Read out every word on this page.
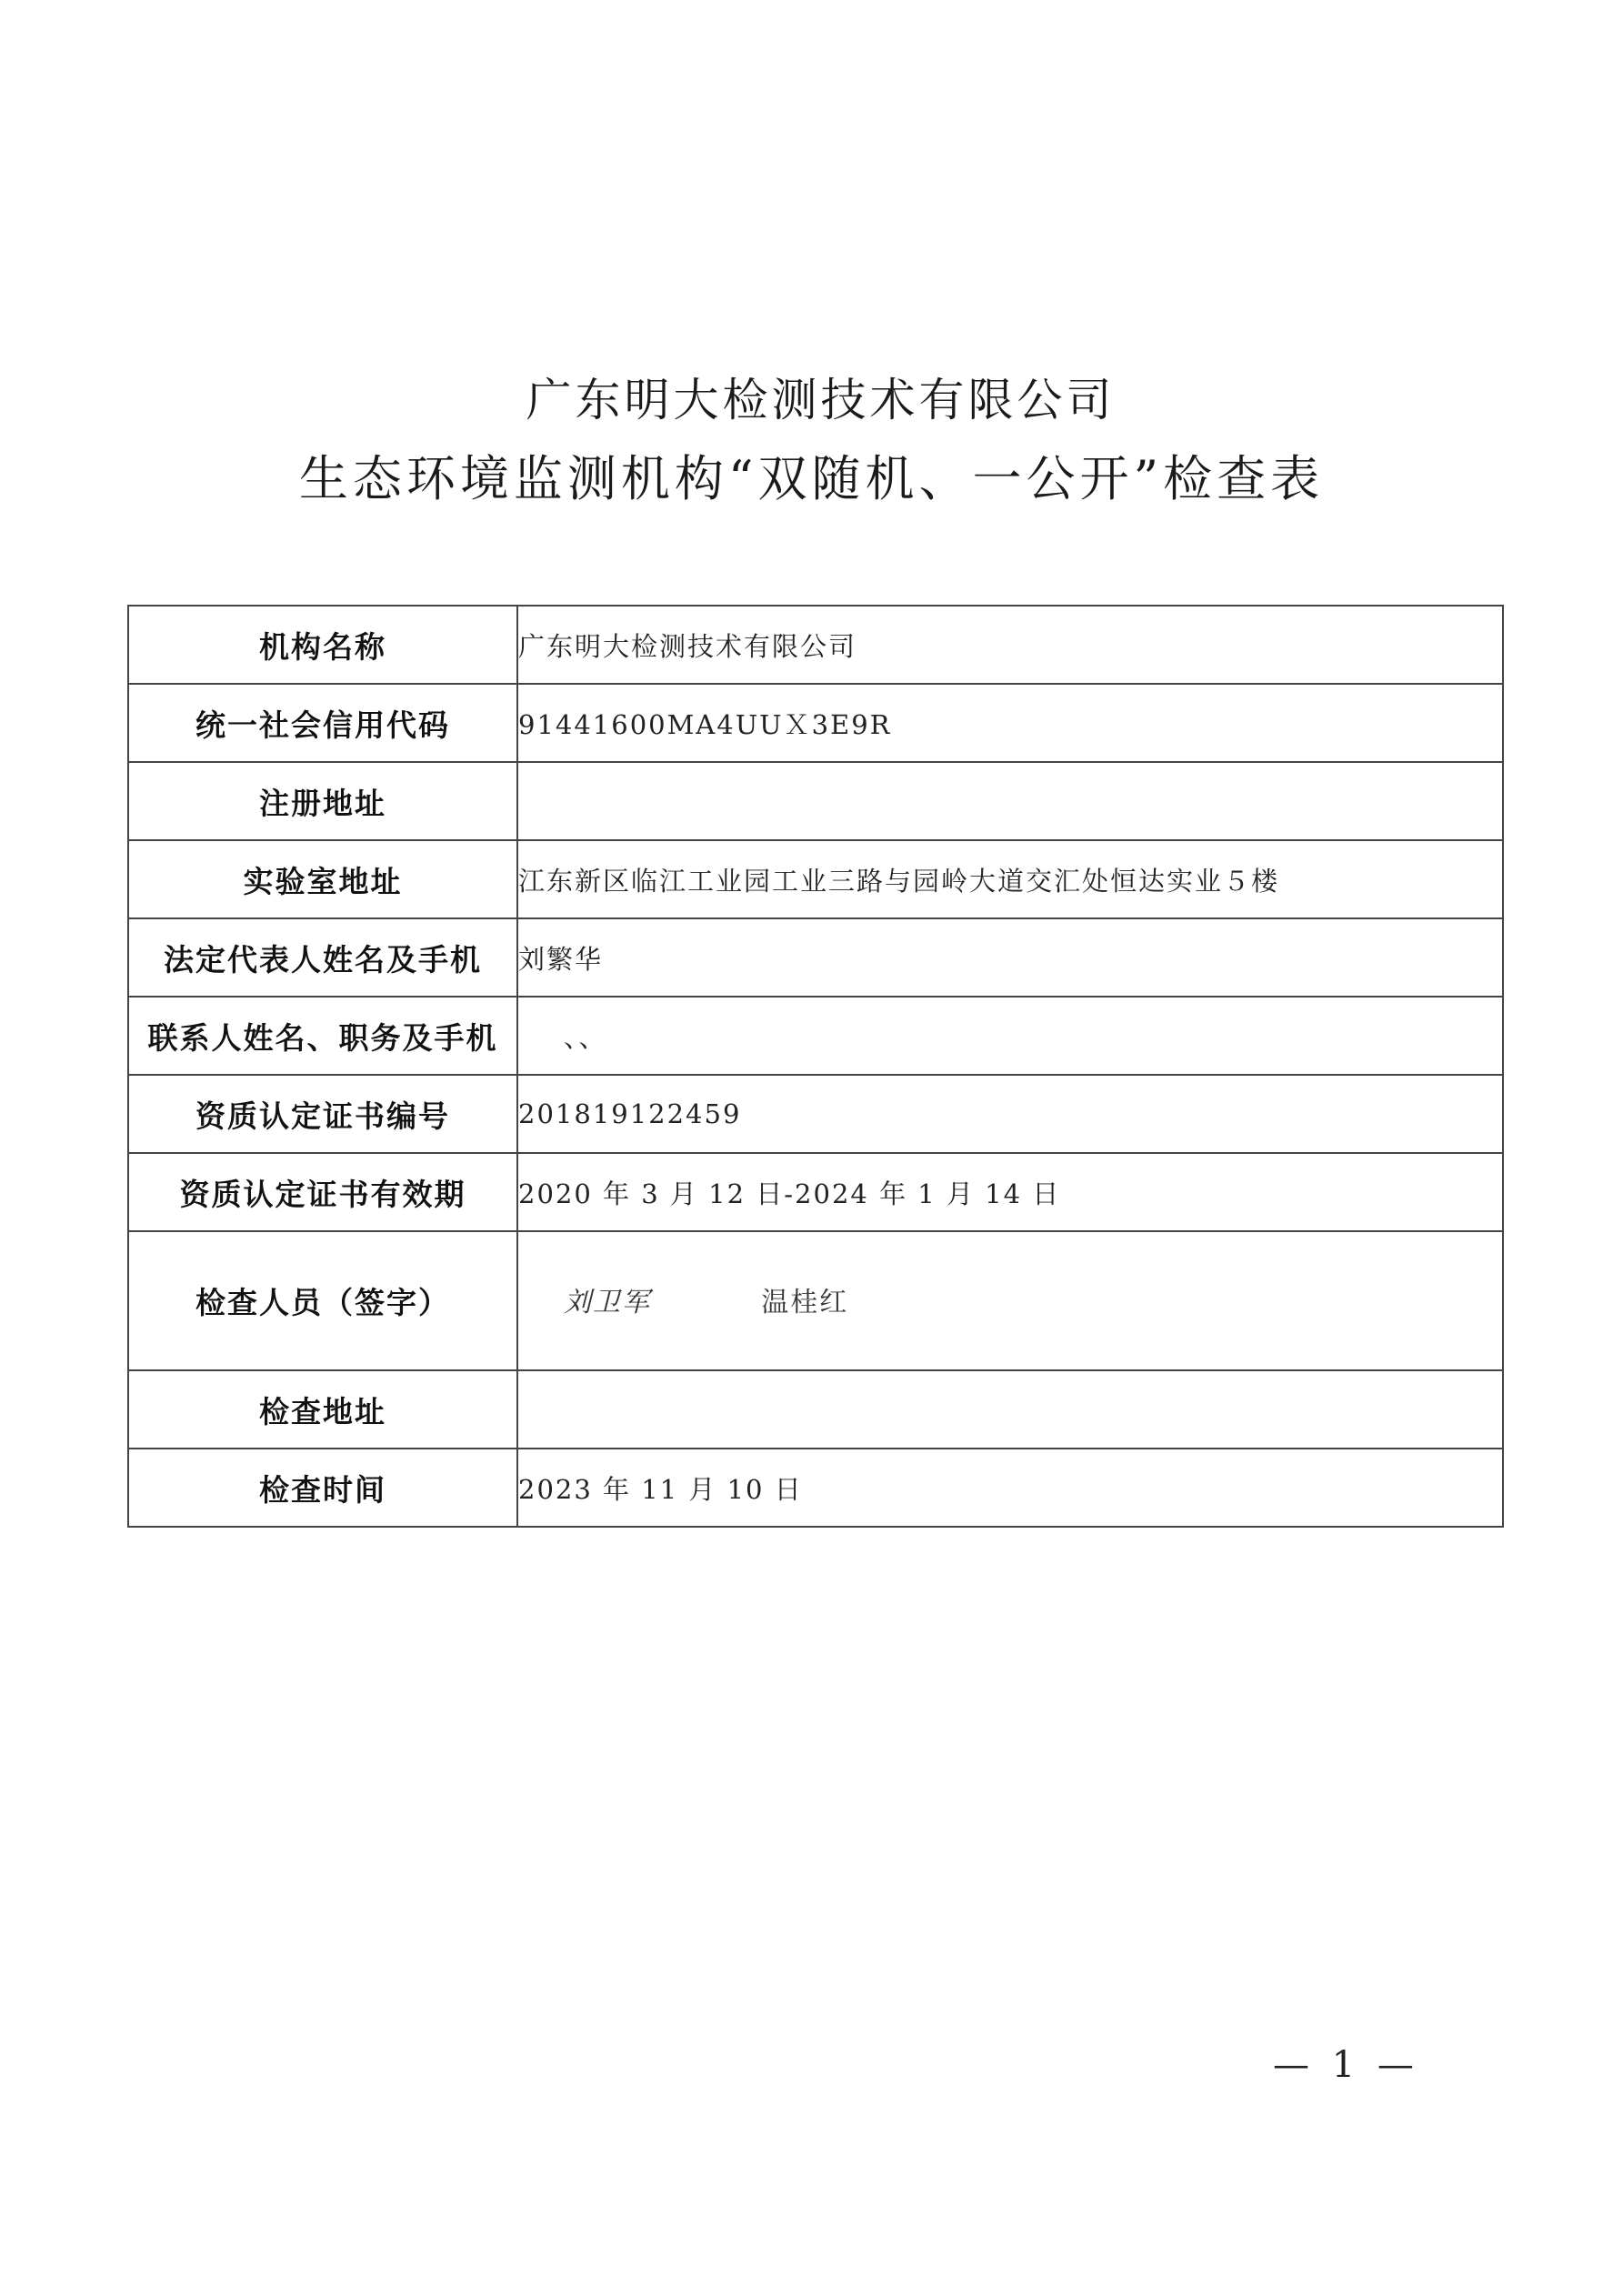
广东明大检测技术有限公司
生态环境监测机构“双随机、一公开”检查表
机构名称	广东明大检测技术有限公司
统一社会信用代码	91441600MA4UUＸ3E9R
注册地址	
实验室地址	江东新区临江工业园工业三路与园岭大道交汇处恒达实业５楼
法定代表人姓名及手机	刘繁华
联系人姓名、职务及手机	、、
资质认定证书编号	201819122459
资质认定证书有效期	2020 年 3 月 12 日-2024 年 1 月 14 日
检查人员（签字）	刘卫军 温桂红
检查地址	
检查时间	2023 年 11 月 10 日
— 1 —
